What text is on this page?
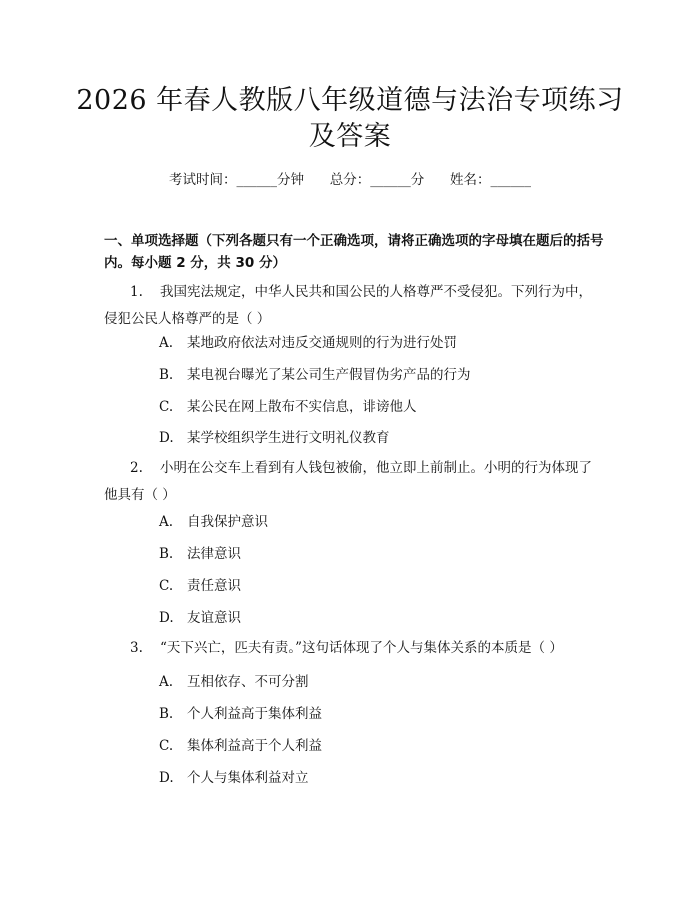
2026 年春人教版八年级道德与法治专项练习
及答案
考试时间：______分钟      总分：______分      姓名：______
一、单项选择题（下列各题只有一个正确选项，请将正确选项的字母填在题后的括号内。每小题 2 分，共 30 分）
1. 我国宪法规定，中华人民共和国公民的人格尊严不受侵犯。下列行为中，侵犯公民人格尊严的是（ ）
A. 某地政府依法对违反交通规则的行为进行处罚
B. 某电视台曝光了某公司生产假冒伪劣产品的行为
C. 某公民在网上散布不实信息，诽谤他人
D. 某学校组织学生进行文明礼仪教育
2. 小明在公交车上看到有人钱包被偷，他立即上前制止。小明的行为体现了他具有（ ）
A. 自我保护意识
B. 法律意识
C. 责任意识
D. 友谊意识
3. “天下兴亡，匹夫有责。”这句话体现了个人与集体关系的本质是（ ）
A. 互相依存、不可分割
B. 个人利益高于集体利益
C. 集体利益高于个人利益
D. 个人与集体利益对立
